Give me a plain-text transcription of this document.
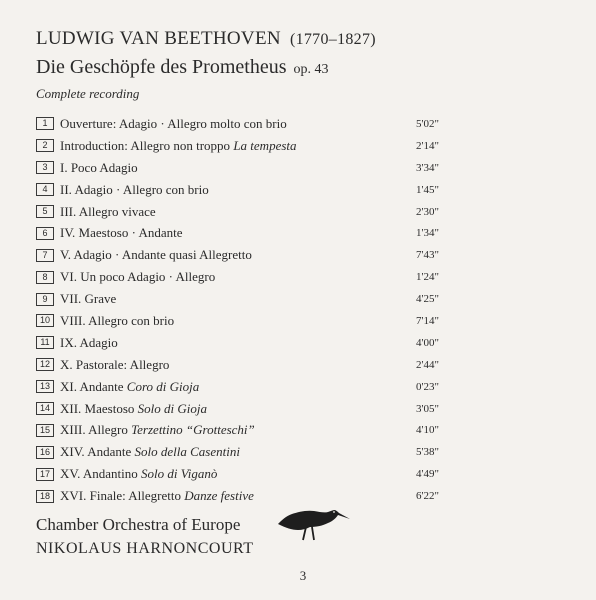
LUDWIG VAN BEETHOVEN (1770–1827)
Die Geschöpfe des Prometheus op. 43
Complete recording
1 Ouverture: Adagio · Allegro molto con brio	5'02"
2 Introduction: Allegro non troppo La tempesta	2'14"
3 I. Poco Adagio	3'34"
4 II. Adagio · Allegro con brio	1'45"
5 III. Allegro vivace	2'30"
6 IV. Maestoso · Andante	1'34"
7 V. Adagio · Andante quasi Allegretto	7'43"
8 VI. Un poco Adagio · Allegro	1'24"
9 VII. Grave	4'25"
10 VIII. Allegro con brio	7'14"
11 IX. Adagio	4'00"
12 X. Pastorale: Allegro	2'44"
13 XI. Andante Coro di Gioja	0'23"
14 XII. Maestoso Solo di Gioja	3'05"
15 XIII. Allegro Terzettino “Grotteschi”	4'10"
16 XIV. Andante Solo della Casentini	5'38"
17 XV. Andantino Solo di Viganò	4'49"
18 XVI. Finale: Allegretto Danze festive	6'22"
Chamber Orchestra of Europe
NIKOLAUS HARNONCOURT
3
